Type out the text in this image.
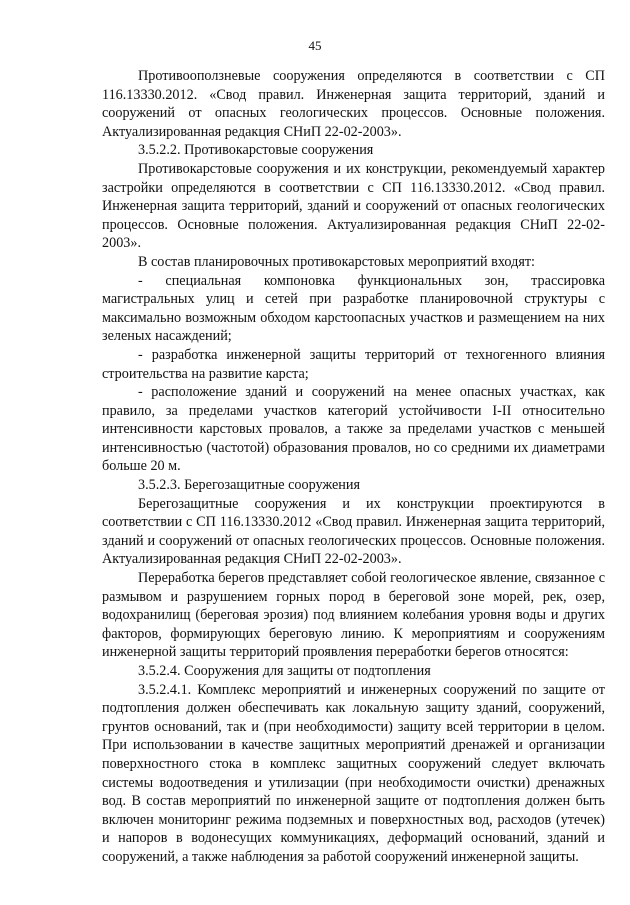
45

Противооползневые сооружения определяются в соответствии с СП 116.13330.2012. «Свод правил. Инженерная защита территорий, зданий и сооружений от опасных геологических процессов. Основные положения. Актуализированная редакция СНиП 22-02-2003».

3.5.2.2. Противокарстовые сооружения

Противокарстовые сооружения и их конструкции, рекомендуемый характер застройки определяются в соответствии с СП 116.13330.2012. «Свод правил. Инженерная защита территорий, зданий и сооружений от опасных геологических процессов. Основные положения. Актуализированная редакция СНиП 22-02-2003».

В состав планировочных противокарстовых мероприятий входят:

- специальная компоновка функциональных зон, трассировка магистральных улиц и сетей при разработке планировочной структуры с максимально возможным обходом карстоопасных участков и размещением на них зеленых насаждений;

- разработка инженерной защиты территорий от техногенного влияния строительства на развитие карста;

- расположение зданий и сооружений на менее опасных участках, как правило, за пределами участков категорий устойчивости I-II относительно интенсивности карстовых провалов, а также за пределами участков с меньшей интенсивностью (частотой) образования провалов, но со средними их диаметрами больше 20 м.

3.5.2.3. Берегозащитные сооружения

Берегозащитные сооружения и их конструкции проектируются в соответствии с СП 116.13330.2012 «Свод правил. Инженерная защита территорий, зданий и сооружений от опасных геологических процессов. Основные положения. Актуализированная редакция СНиП 22-02-2003».

Переработка берегов представляет собой геологическое явление, связанное с размывом и разрушением горных пород в береговой зоне морей, рек, озер, водохранилищ (береговая эрозия) под влиянием колебания уровня воды и других факторов, формирующих береговую линию. К мероприятиям и сооружениям инженерной защиты территорий проявления переработки берегов относятся:

3.5.2.4. Сооружения для защиты от подтопления

3.5.2.4.1. Комплекс мероприятий и инженерных сооружений по защите от подтопления должен обеспечивать как локальную защиту зданий, сооружений, грунтов оснований, так и (при необходимости) защиту всей территории в целом. При использовании в качестве защитных мероприятий дренажей и организации поверхностного стока в комплекс защитных сооружений следует включать системы водоотведения и утилизации (при необходимости очистки) дренажных вод. В состав мероприятий по инженерной защите от подтопления должен быть включен мониторинг режима подземных и поверхностных вод, расходов (утечек) и напоров в водонесущих коммуникациях, деформаций оснований, зданий и сооружений, а также наблюдения за работой сооружений инженерной защиты.
